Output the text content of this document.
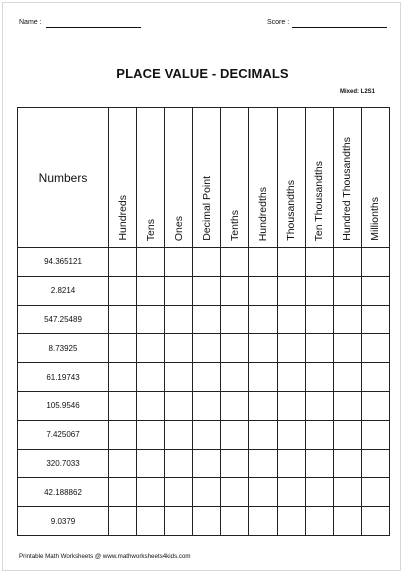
Name :	Score :
PLACE VALUE - DECIMALS
Mixed: L2S1
Numbers	Hundreds	Tens	Ones	Decimal Point	Tenths	Hundredths	Thousandths	Ten Thousandths	Hundred Thousandths	Millionths

94.365121										
2.8214										
547.25489										
8.73925										
61.19743										
105.9546										
7.425067										
320.7033										
42.188862										
9.0379										
Printable Math Worksheets @ www.mathworksheets4kids.com
